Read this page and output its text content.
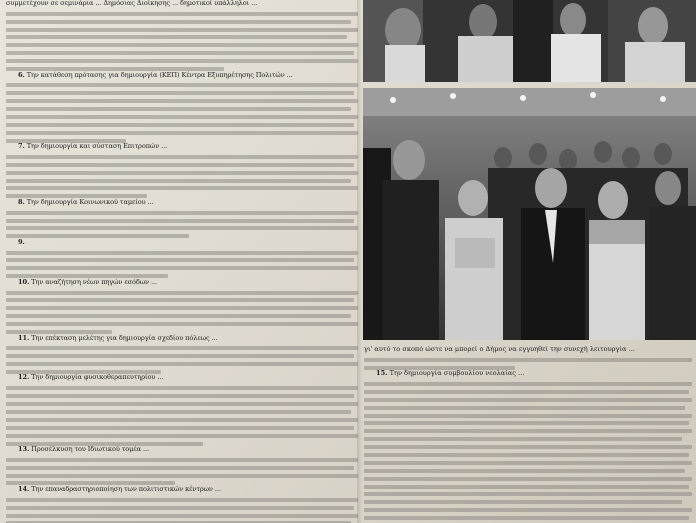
συμμετέχουν σε σεμινάρια ... Δημόσιας Διοίκησης ... δημοτικοί υπάλληλοι ...

6. Την κατάθεση πρότασης για δημιουργία (ΚΕΠ) Κέντρα Εξυπηρέτησης Πολιτών ...

7. Την δημιουργία και σύσταση Επιτροπών ...

8. Την δημιουργία Κοινωνικού ταμείου ...

9.

10. Την αναζήτηση νέων πηγών εσόδων ...

11. Την επέκταση μελέτης για δημιουργία σχεδίου πόλεως ...

12. Την δημιουργία φυσικοθεραπευτηρίου ...

13. Προσέλκυση του Ιδιωτικού τομέα ...

14. Την επαναδραστηριοποίηση των πολιτιστικών κέντρων ...

γι' αυτό το σκοπό ώστε να μπορεί ο Δήμος να εγγυηθεί την συνεχή λειτουργία ...

15. Την δημιουργία συμβουλίου νεολαίας ...
